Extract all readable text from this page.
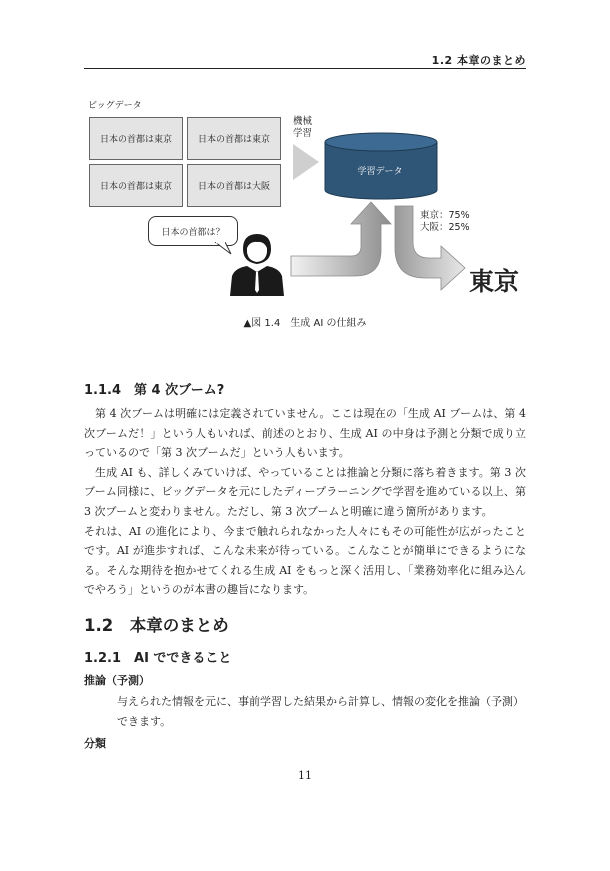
1.2 本章のまとめ
ビッグデータ
日本の首都は東京	日本の首都は東京
日本の首都は東京	日本の首都は大阪
機械
学習
学習データ
東京：75%
大阪：25%
日本の首都は？
東京
▲図 1.4　生成 AI の仕組み
1.1.4　第 4 次ブーム?

第 4 次ブームは明確には定義されていません。ここは現在の「生成 AI ブームは、第 4 次ブームだ！」という人もいれば、前述のとおり、生成 AI の中身は予測と分類で成り立っているので「第 3 次ブームだ」という人もいます。

生成 AI も、詳しくみていけば、やっていることは推論と分類に落ち着きます。第 3 次ブーム同様に、ビッグデータを元にしたディープラーニングで学習を進めている以上、第 3 次ブームと変わりません。ただし、第 3 次ブームと明確に違う箇所があります。

それは、AI の進化により、今まで触れられなかった人々にもその可能性が広がったことです。AI が進歩すれば、こんな未来が待っている。こんなことが簡単にできるようになる。そんな期待を抱かせてくれる生成 AI をもっと深く活用し、「業務効率化に組み込んでやろう」というのが本書の趣旨になります。

1.2　本章のまとめ
1.2.1　AI でできること
推論（予測）
与えられた情報を元に、事前学習した結果から計算し、情報の変化を推論（予測）できます。
分類
11
